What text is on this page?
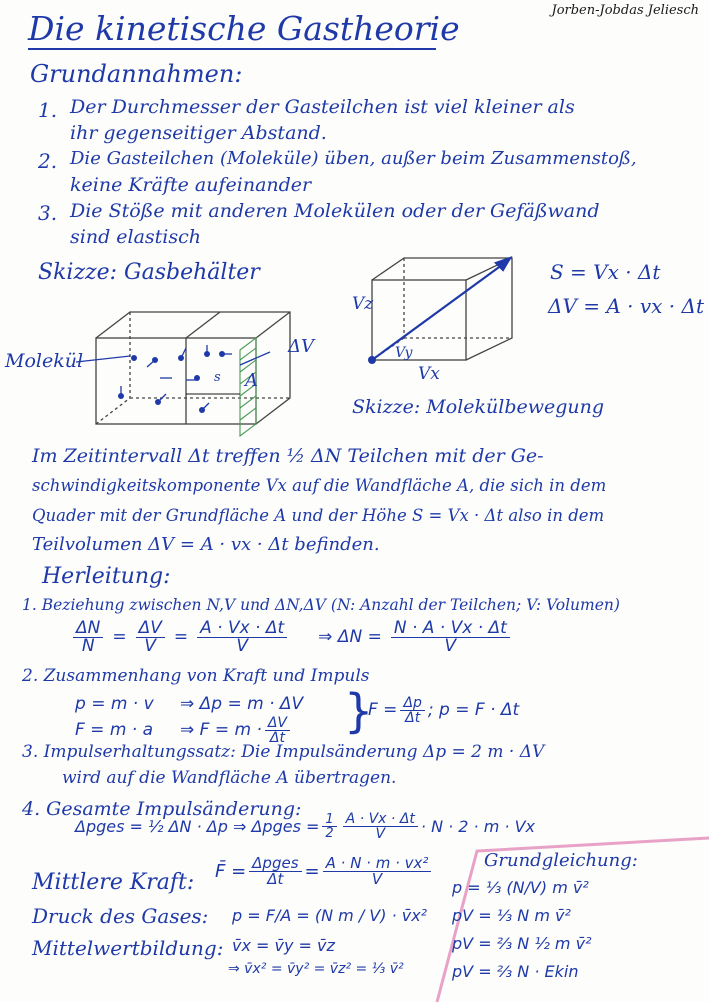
Die kinetische Gastheorie	Jorben-Jobdas Jeliesch
Grundannahmen:
1. Der Durchmesser der Gasteilchen ist viel kleiner als
ihr gegenseitiger Abstand.
2. Die Gasteilchen (Moleküle) üben, außer beim Zusammenstoß,
keine Kräfte aufeinander
3. Die Stöße mit anderen Molekülen oder der Gefäßwand
sind elastisch
Skizze: Gasbehälter
Molekül
ΔV
A
s
Vz
Vy
Vx
Skizze: Molekülbewegung
S = Vx · Δt
ΔV = A · vx · Δt
Im Zeitintervall Δt treffen ½ ΔN Teilchen mit der Ge-
schwindigkeitskomponente Vx auf die Wandfläche A, die sich in dem
Quader mit der Grundfläche A und der Höhe S = Vx · Δt also in dem
Teilvolumen ΔV = A · vx · Δt befinden.
Herleitung:
1. Beziehung zwischen N,V und ΔN,ΔV (N: Anzahl der Teilchen; V: Volumen)
$\frac{\Delta N}{N} = \frac{\Delta V}{V} = \frac{A \cdot Vx \cdot \Delta t}{V}$ ⇒ $\Delta N = \frac{N \cdot A \cdot Vx \cdot \Delta t}{V}$
2. Zusammenhang von Kraft und Impuls
p = m · v ⇒ Δp = m · ΔV
F = m · a ⇒ $F = m \cdot \frac{\Delta V}{\Delta t}$ }
$F = \frac{\Delta p}{\Delta t}$ ; p = F · Δt
3. Impulserhaltungssatz: Die Impulsänderung Δp = 2 m · ΔV
wird auf die Wandfläche A übertragen.
4. Gesamte Impulsänderung:
Δpges = ½ ΔN · Δp ⇒ Δpges = $\frac{1}{2} \frac{A \cdot Vx \cdot \Delta t}{V} \cdot N \cdot 2 \cdot m \cdot Vx$
Mittlere Kraft: F̄ = $\frac{\text{Δpges}}{\Delta t} = \frac{\text{A · N · m · vx²}}{V}$
Druck des Gases: p = F/A = (N m / V) · v̄x²
Mittelwertbildung: v̄x = v̄y = v̄z
⇒ v̄x² = v̄y² = v̄z² = ⅓ v̄²
Grundgleichung:
p = ⅓ (N/V) m v̄²
pV = ⅓ N m v̄²
pV = ⅔ N ½ m v̄²
pV = ⅔ N · Ekin
